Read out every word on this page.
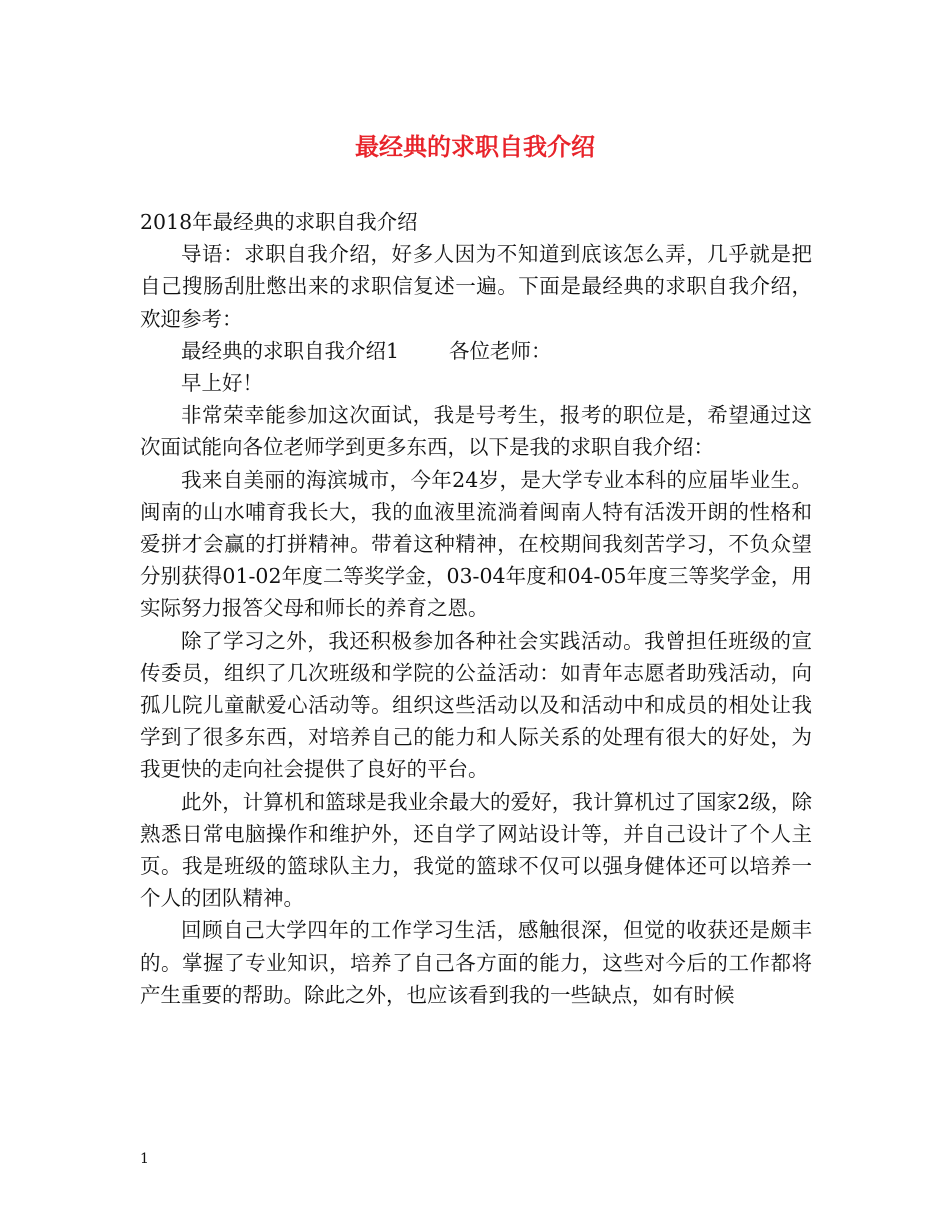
最经典的求职自我介绍

2018年最经典的求职自我介绍

导语：求职自我介绍，好多人因为不知道到底该怎么弄，几乎就是把自己搜肠刮肚憋出来的求职信复述一遍。下面是最经典的求职自我介绍，欢迎参考：

最经典的求职自我介绍1 各位老师：

早上好！

非常荣幸能参加这次面试，我是号考生，报考的职位是，希望通过这次面试能向各位老师学到更多东西，以下是我的求职自我介绍：

我来自美丽的海滨城市，今年24岁，是大学专业本科的应届毕业生。闽南的山水哺育我长大，我的血液里流淌着闽南人特有活泼开朗的性格和爱拼才会赢的打拼精神。带着这种精神，在校期间我刻苦学习，不负众望分别获得01-02年度二等奖学金，03-04年度和04-05年度三等奖学金，用实际努力报答父母和师长的养育之恩。

除了学习之外，我还积极参加各种社会实践活动。我曾担任班级的宣传委员，组织了几次班级和学院的公益活动：如青年志愿者助残活动，向孤儿院儿童献爱心活动等。组织这些活动以及和活动中和成员的相处让我学到了很多东西，对培养自己的能力和人际关系的处理有很大的好处，为我更快的走向社会提供了良好的平台。

此外，计算机和篮球是我业余最大的爱好，我计算机过了国家2级，除熟悉日常电脑操作和维护外，还自学了网站设计等，并自己设计了个人主页。我是班级的篮球队主力，我觉的篮球不仅可以强身健体还可以培养一个人的团队精神。

回顾自己大学四年的工作学习生活，感触很深，但觉的收获还是颇丰的。掌握了专业知识，培养了自己各方面的能力，这些对今后的工作都将产生重要的帮助。除此之外，也应该看到我的一些缺点，如有时候

1
